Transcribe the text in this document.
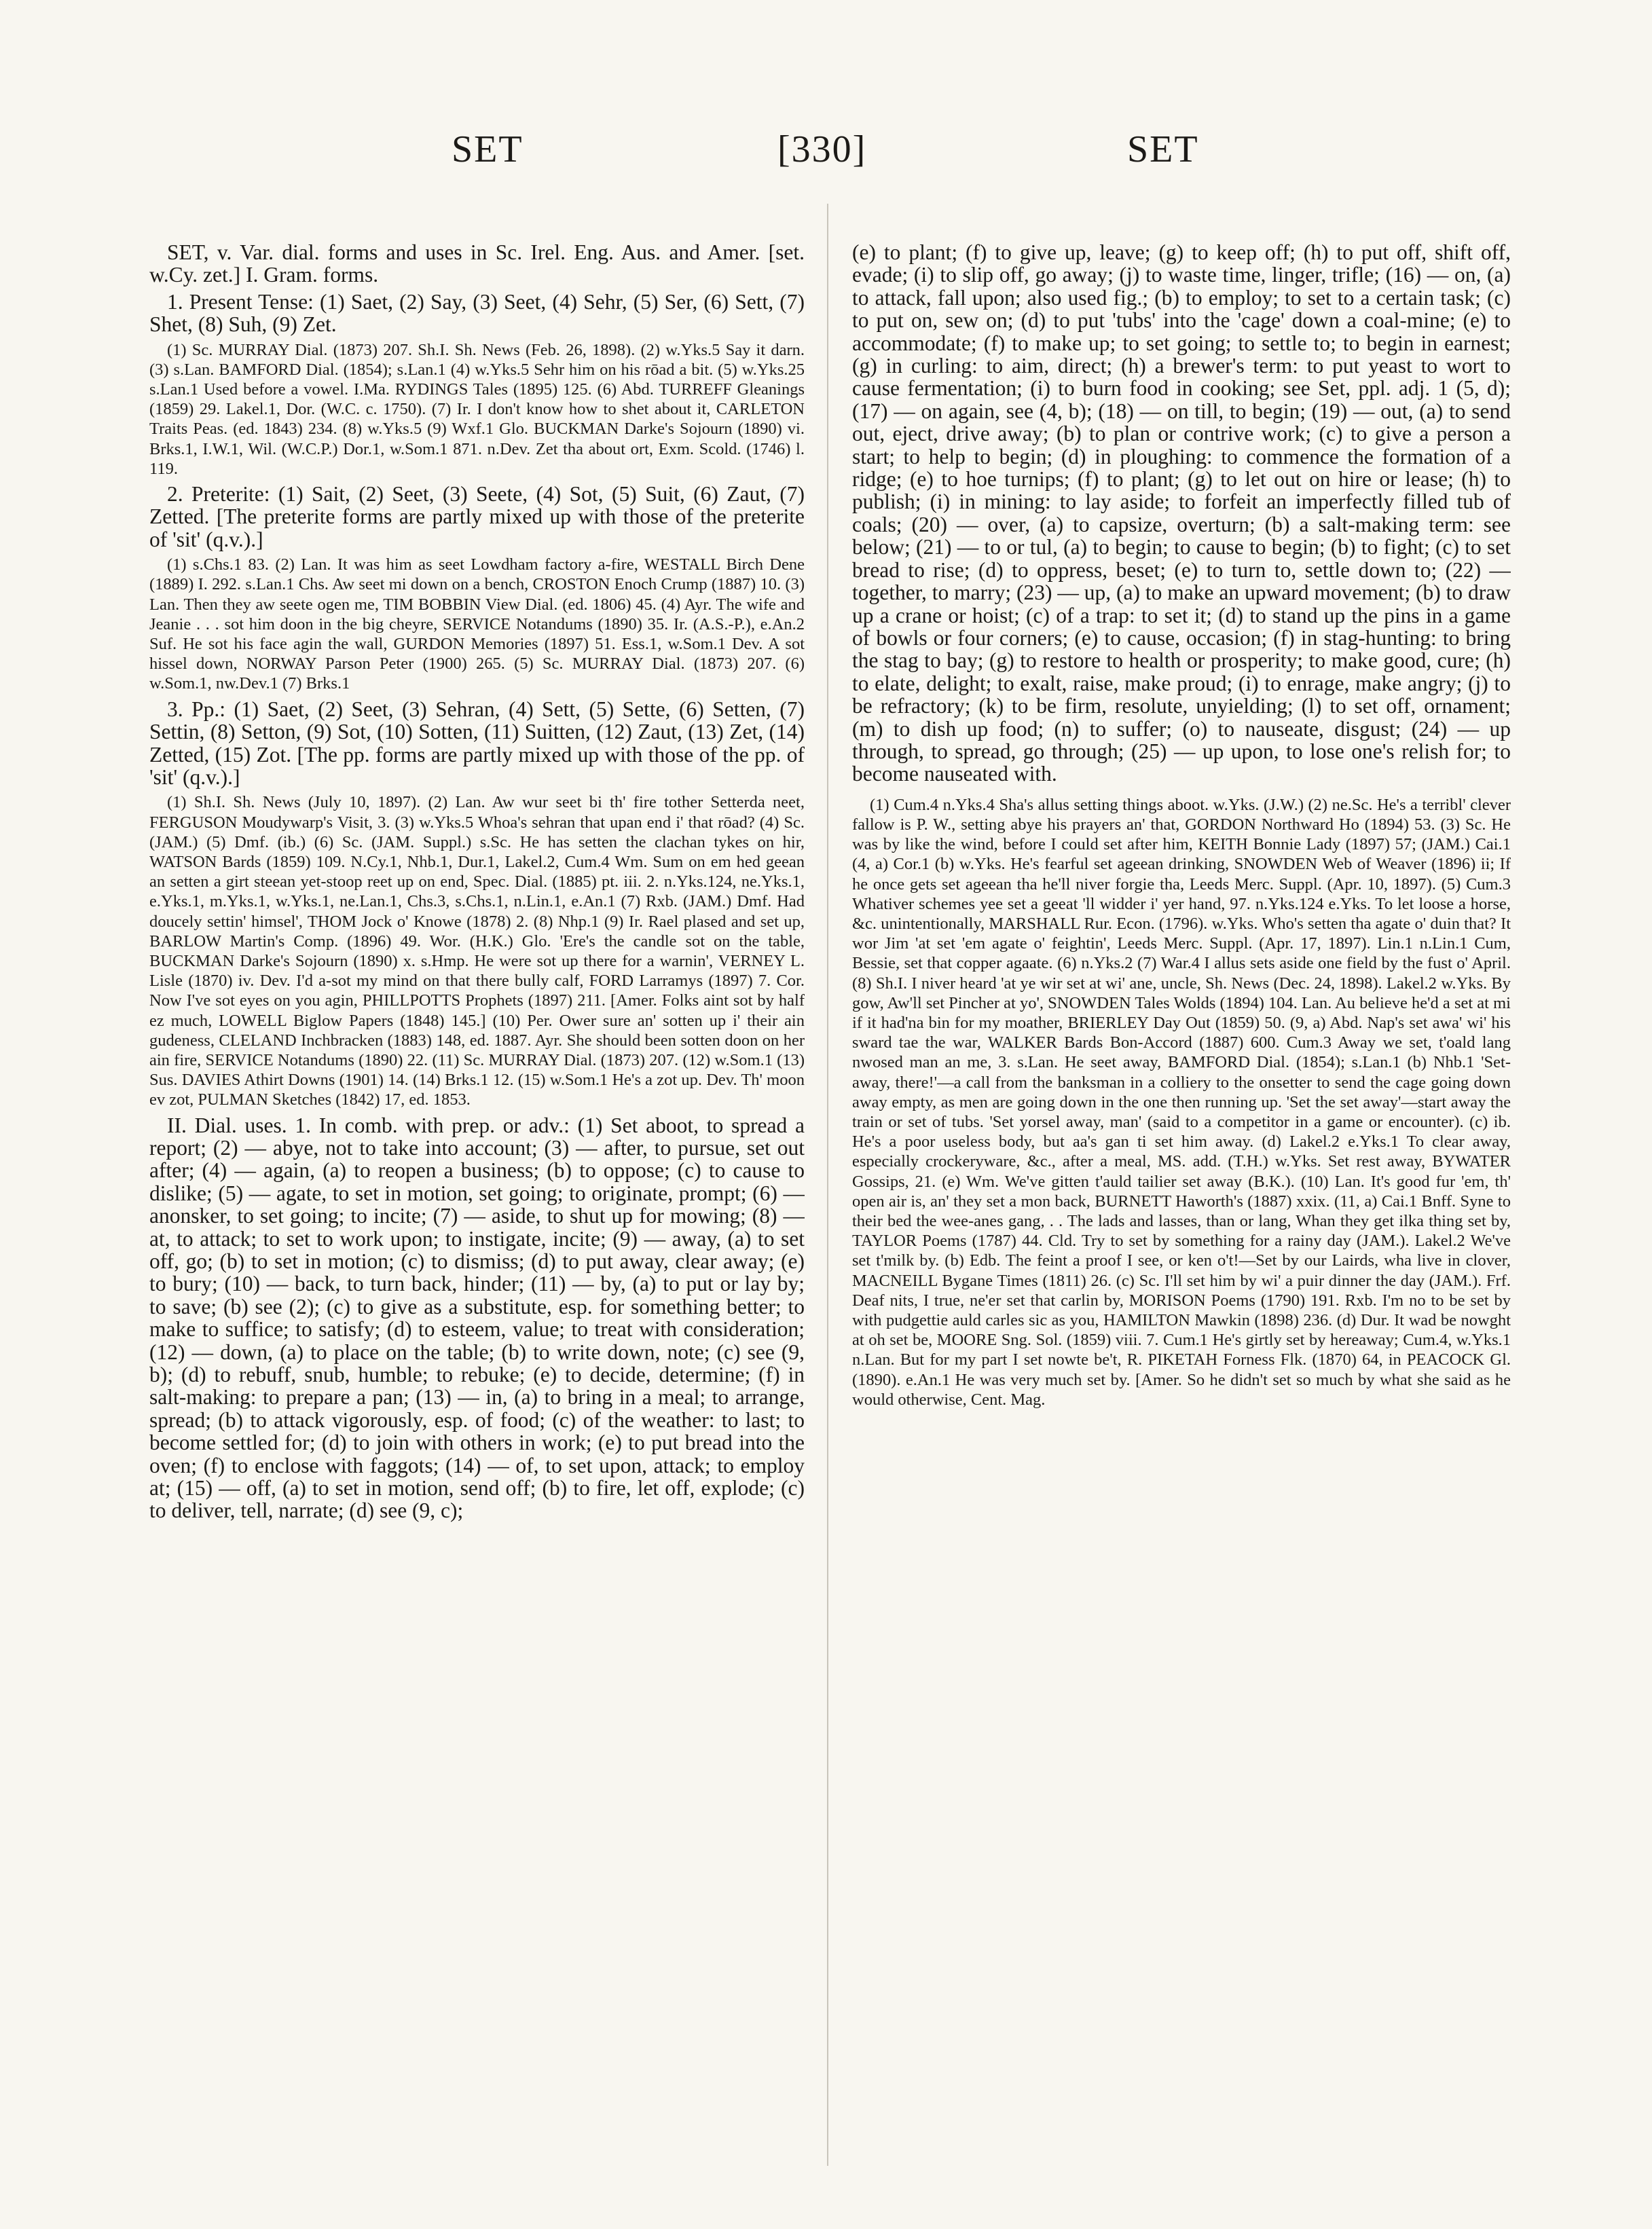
SET	[330]	SET

SET, v. Var. dial. forms and uses in Sc. Irel. Eng. Aus. and Amer. [set. w.Cy. zet.] I. Gram. forms.

1. Present Tense: (1) Saet, (2) Say, (3) Seet, (4) Sehr, (5) Ser, (6) Sett, (7) Shet, (8) Suh, (9) Zet.

(1) Sc. MURRAY Dial. (1873) 207. Sh.I. Sh. News (Feb. 26, 1898). (2) w.Yks.5 Say it darn. (3) s.Lan. BAMFORD Dial. (1854); s.Lan.1 (4) w.Yks.5 Sehr him on his rōad a bit. (5) w.Yks.25 s.Lan.1 Used before a vowel. I.Ma. RYDINGS Tales (1895) 125. (6) Abd. TURREFF Gleanings (1859) 29. Lakel.1, Dor. (W.C. c. 1750). (7) Ir. I don't know how to shet about it, CARLETON Traits Peas. (ed. 1843) 234. (8) w.Yks.5 (9) Wxf.1 Glo. BUCKMAN Darke's Sojourn (1890) vi. Brks.1, I.W.1, Wil. (W.C.P.) Dor.1, w.Som.1 871. n.Dev. Zet tha about ort, Exm. Scold. (1746) l. 119.

2. Preterite: (1) Sait, (2) Seet, (3) Seete, (4) Sot, (5) Suit, (6) Zaut, (7) Zetted. [The preterite forms are partly mixed up with those of the preterite of 'sit' (q.v.).]

(1) s.Chs.1 83. (2) Lan. It was him as seet Lowdham factory a-fire, WESTALL Birch Dene (1889) I. 292. s.Lan.1 Chs. Aw seet mi down on a bench, CROSTON Enoch Crump (1887) 10. (3) Lan. Then they aw seete ogen me, TIM BOBBIN View Dial. (ed. 1806) 45. (4) Ayr. The wife and Jeanie . . . sot him doon in the big cheyre, SERVICE Notandums (1890) 35. Ir. (A.S.-P.), e.An.2 Suf. He sot his face agin the wall, GURDON Memories (1897) 51. Ess.1, w.Som.1 Dev. A sot hissel down, NORWAY Parson Peter (1900) 265. (5) Sc. MURRAY Dial. (1873) 207. (6) w.Som.1, nw.Dev.1 (7) Brks.1

3. Pp.: (1) Saet, (2) Seet, (3) Sehran, (4) Sett, (5) Sette, (6) Setten, (7) Settin, (8) Setton, (9) Sot, (10) Sotten, (11) Suitten, (12) Zaut, (13) Zet, (14) Zetted, (15) Zot. [The pp. forms are partly mixed up with those of the pp. of 'sit' (q.v.).]

(1) Sh.I. Sh. News (July 10, 1897). (2) Lan. Aw wur seet bi th' fire tother Setterda neet, FERGUSON Moudywarp's Visit, 3. (3) w.Yks.5 Whoa's sehran that upan end i' that rōad? (4) Sc. (JAM.) (5) Dmf. (ib.) (6) Sc. (JAM. Suppl.) s.Sc. He has setten the clachan tykes on hir, WATSON Bards (1859) 109. N.Cy.1, Nhb.1, Dur.1, Lakel.2, Cum.4 Wm. Sum on em hed geean an setten a girt steean yet-stoop reet up on end, Spec. Dial. (1885) pt. iii. 2. n.Yks.124, ne.Yks.1, e.Yks.1, m.Yks.1, w.Yks.1, ne.Lan.1, Chs.3, s.Chs.1, n.Lin.1, e.An.1 (7) Rxb. (JAM.) Dmf. Had doucely settin' himsel', THOM Jock o' Knowe (1878) 2. (8) Nhp.1 (9) Ir. Rael plased and set up, BARLOW Martin's Comp. (1896) 49. Wor. (H.K.) Glo. 'Ere's the candle sot on the table, BUCKMAN Darke's Sojourn (1890) x. s.Hmp. He were sot up there for a warnin', VERNEY L. Lisle (1870) iv. Dev. I'd a-sot my mind on that there bully calf, FORD Larramys (1897) 7. Cor. Now I've sot eyes on you agin, PHILLPOTTS Prophets (1897) 211. [Amer. Folks aint sot by half ez much, LOWELL Biglow Papers (1848) 145.] (10) Per. Ower sure an' sotten up i' their ain gudeness, CLELAND Inchbracken (1883) 148, ed. 1887. Ayr. She should been sotten doon on her ain fire, SERVICE Notandums (1890) 22. (11) Sc. MURRAY Dial. (1873) 207. (12) w.Som.1 (13) Sus. DAVIES Athirt Downs (1901) 14. (14) Brks.1 12. (15) w.Som.1 He's a zot up. Dev. Th' moon ev zot, PULMAN Sketches (1842) 17, ed. 1853.

II. Dial. uses. 1. In comb. with prep. or adv.: (1) Set aboot, to spread a report; (2) — abye, not to take into account; (3) — after, to pursue, set out after; (4) — again, (a) to reopen a business; (b) to oppose; (c) to cause to dislike; (5) — agate, to set in motion, set going; to originate, prompt; (6) — anonsker, to set going; to incite; (7) — aside, to shut up for mowing; (8) — at, to attack; to set to work upon; to instigate, incite; (9) — away, (a) to set off, go; (b) to set in motion; (c) to dismiss; (d) to put away, clear away; (e) to bury; (10) — back, to turn back, hinder; (11) — by, (a) to put or lay by; to save; (b) see (2); (c) to give as a substitute, esp. for something better; to make to suffice; to satisfy; (d) to esteem, value; to treat with consideration; (12) — down, (a) to place on the table; (b) to write down, note; (c) see (9, b); (d) to rebuff, snub, humble; to rebuke; (e) to decide, determine; (f) in salt-making: to prepare a pan; (13) — in, (a) to bring in a meal; to arrange, spread; (b) to attack vigorously, esp. of food; (c) of the weather: to last; to become settled for; (d) to join with others in work; (e) to put bread into the oven; (f) to enclose with faggots; (14) — of, to set upon, attack; to employ at; (15) — off, (a) to set in motion, send off; (b) to fire, let off, explode; (c) to deliver, tell, narrate; (d) see (9, c);

(e) to plant; (f) to give up, leave; (g) to keep off; (h) to put off, shift off, evade; (i) to slip off, go away; (j) to waste time, linger, trifle; (16) — on, (a) to attack, fall upon; also used fig.; (b) to employ; to set to a certain task; (c) to put on, sew on; (d) to put 'tubs' into the 'cage' down a coal-mine; (e) to accommodate; (f) to make up; to set going; to settle to; to begin in earnest; (g) in curling: to aim, direct; (h) a brewer's term: to put yeast to wort to cause fermentation; (i) to burn food in cooking; see Set, ppl. adj. 1 (5, d); (17) — on again, see (4, b); (18) — on till, to begin; (19) — out, (a) to send out, eject, drive away; (b) to plan or contrive work; (c) to give a person a start; to help to begin; (d) in ploughing: to commence the formation of a ridge; (e) to hoe turnips; (f) to plant; (g) to let out on hire or lease; (h) to publish; (i) in mining: to lay aside; to forfeit an imperfectly filled tub of coals; (20) — over, (a) to capsize, overturn; (b) a salt-making term: see below; (21) — to or tul, (a) to begin; to cause to begin; (b) to fight; (c) to set bread to rise; (d) to oppress, beset; (e) to turn to, settle down to; (22) — together, to marry; (23) — up, (a) to make an upward movement; (b) to draw up a crane or hoist; (c) of a trap: to set it; (d) to stand up the pins in a game of bowls or four corners; (e) to cause, occasion; (f) in stag-hunting: to bring the stag to bay; (g) to restore to health or prosperity; to make good, cure; (h) to elate, delight; to exalt, raise, make proud; (i) to enrage, make angry; (j) to be refractory; (k) to be firm, resolute, unyielding; (l) to set off, ornament; (m) to dish up food; (n) to suffer; (o) to nauseate, disgust; (24) — up through, to spread, go through; (25) — up upon, to lose one's relish for; to become nauseated with.

(1) Cum.4 n.Yks.4 Sha's allus setting things aboot. w.Yks. (J.W.) (2) ne.Sc. He's a terribl' clever fallow is P. W., setting abye his prayers an' that, GORDON Northward Ho (1894) 53. (3) Sc. He was by like the wind, before I could set after him, KEITH Bonnie Lady (1897) 57; (JAM.) Cai.1 (4, a) Cor.1 (b) w.Yks. He's fearful set ageean drinking, SNOWDEN Web of Weaver (1896) ii; If he once gets set ageean tha he'll niver forgie tha, Leeds Merc. Suppl. (Apr. 10, 1897). (5) Cum.3 Whativer schemes yee set a geeat 'll widder i' yer hand, 97. n.Yks.124 e.Yks. To let loose a horse, &c. unintentionally, MARSHALL Rur. Econ. (1796). w.Yks. Who's setten tha agate o' duin that? It wor Jim 'at set 'em agate o' feightin', Leeds Merc. Suppl. (Apr. 17, 1897). Lin.1 n.Lin.1 Cum, Bessie, set that copper agaate. (6) n.Yks.2 (7) War.4 I allus sets aside one field by the fust o' April. (8) Sh.I. I niver heard 'at ye wir set at wi' ane, uncle, Sh. News (Dec. 24, 1898). Lakel.2 w.Yks. By gow, Aw'll set Pincher at yo', SNOWDEN Tales Wolds (1894) 104. Lan. Au believe he'd a set at mi if it had'na bin for my moather, BRIERLEY Day Out (1859) 50. (9, a) Abd. Nap's set awa' wi' his sward tae the war, WALKER Bards Bon-Accord (1887) 600. Cum.3 Away we set, t'oald lang nwosed man an me, 3. s.Lan. He seet away, BAMFORD Dial. (1854); s.Lan.1 (b) Nhb.1 'Set-away, there!'—a call from the banksman in a colliery to the onsetter to send the cage going down away empty, as men are going down in the one then running up. 'Set the set away'—start away the train or set of tubs. 'Set yorsel away, man' (said to a competitor in a game or encounter). (c) ib. He's a poor useless body, but aa's gan ti set him away. (d) Lakel.2 e.Yks.1 To clear away, especially crockeryware, &c., after a meal, MS. add. (T.H.) w.Yks. Set rest away, BYWATER Gossips, 21. (e) Wm. We've gitten t'auld tailier set away (B.K.). (10) Lan. It's good fur 'em, th' open air is, an' they set a mon back, BURNETT Haworth's (1887) xxix. (11, a) Cai.1 Bnff. Syne to their bed the wee-anes gang, . . The lads and lasses, than or lang, Whan they get ilka thing set by, TAYLOR Poems (1787) 44. Cld. Try to set by something for a rainy day (JAM.). Lakel.2 We've set t'milk by. (b) Edb. The feint a proof I see, or ken o't!—Set by our Lairds, wha live in clover, MACNEILL Bygane Times (1811) 26. (c) Sc. I'll set him by wi' a puir dinner the day (JAM.). Frf. Deaf nits, I true, ne'er set that carlin by, MORISON Poems (1790) 191. Rxb. I'm no to be set by with pudgettie auld carles sic as you, HAMILTON Mawkin (1898) 236. (d) Dur. It wad be nowght at oh set be, MOORE Sng. Sol. (1859) viii. 7. Cum.1 He's girtly set by hereaway; Cum.4, w.Yks.1 n.Lan. But for my part I set nowte be't, R. PIKETAH Forness Flk. (1870) 64, in PEACOCK Gl. (1890). e.An.1 He was very much set by. [Amer. So he didn't set so much by what she said as he would otherwise, Cent. Mag.
